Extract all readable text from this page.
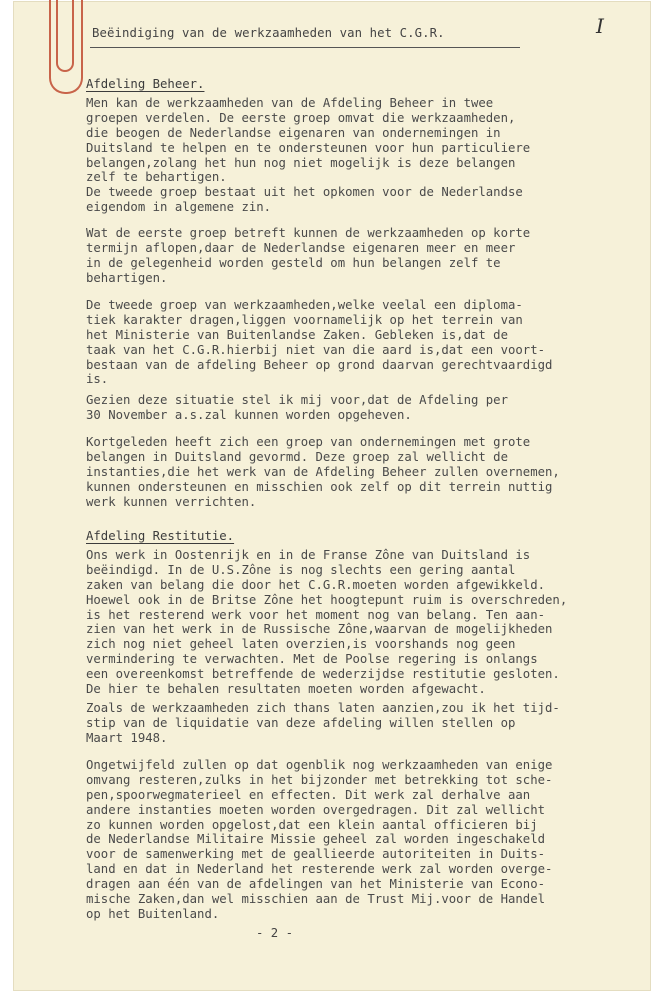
I
Beëindiging van de werkzaamheden van het C.G.R.
Afdeling Beheer.
Men kan de werkzaamheden van de Afdeling Beheer in twee
groepen verdelen. De eerste groep omvat die werkzaamheden,
die beogen de Nederlandse eigenaren van ondernemingen in
Duitsland te helpen en te ondersteunen voor hun particuliere
belangen,zolang het hun nog niet mogelijk is deze belangen
zelf te behartigen.
De tweede groep bestaat uit het opkomen voor de Nederlandse
eigendom in algemene zin.
Wat de eerste groep betreft kunnen de werkzaamheden op korte
termijn aflopen,daar de Nederlandse eigenaren meer en meer
in de gelegenheid worden gesteld om hun belangen zelf te
behartigen.
De tweede groep van werkzaamheden,welke veelal een diploma-
tiek karakter dragen,liggen voornamelijk op het terrein van
het Ministerie van Buitenlandse Zaken. Gebleken is,dat de
taak van het C.G.R.hierbij niet van die aard is,dat een voort-
bestaan van de afdeling Beheer op grond daarvan gerechtvaardigd
is.
Gezien deze situatie stel ik mij voor,dat de Afdeling per
30 November a.s.zal kunnen worden opgeheven.
Kortgeleden heeft zich een groep van ondernemingen met grote
belangen in Duitsland gevormd. Deze groep zal wellicht de
instanties,die het werk van de Afdeling Beheer zullen overnemen,
kunnen ondersteunen en misschien ook zelf op dit terrein nuttig
werk kunnen verrichten.
Afdeling Restitutie.
Ons werk in Oostenrijk en in de Franse Zône van Duitsland is
beëindigd. In de U.S.Zône is nog slechts een gering aantal
zaken van belang die door het C.G.R.moeten worden afgewikkeld.
Hoewel ook in de Britse Zône het hoogtepunt ruim is overschreden,
is het resterend werk voor het moment nog van belang. Ten aan-
zien van het werk in de Russische Zône,waarvan de mogelijkheden
zich nog niet geheel laten overzien,is voorshands nog geen
vermindering te verwachten. Met de Poolse regering is onlangs
een overeenkomst betreffende de wederzijdse restitutie gesloten.
De hier te behalen resultaten moeten worden afgewacht.
Zoals de werkzaamheden zich thans laten aanzien,zou ik het tijd-
stip van de liquidatie van deze afdeling willen stellen op
Maart 1948.
Ongetwijfeld zullen op dat ogenblik nog werkzaamheden van enige
omvang resteren,zulks in het bijzonder met betrekking tot sche-
pen,spoorwegmaterieel en effecten. Dit werk zal derhalve aan
andere instanties moeten worden overgedragen. Dit zal wellicht
zo kunnen worden opgelost,dat een klein aantal officieren bij
de Nederlandse Militaire Missie geheel zal worden ingeschakeld
voor de samenwerking met de geallieerde autoriteiten in Duits-
land en dat in Nederland het resterende werk zal worden overge-
dragen aan één van de afdelingen van het Ministerie van Econo-
mische Zaken,dan wel misschien aan de Trust Mij.voor de Handel
op het Buitenland.
- 2 -
